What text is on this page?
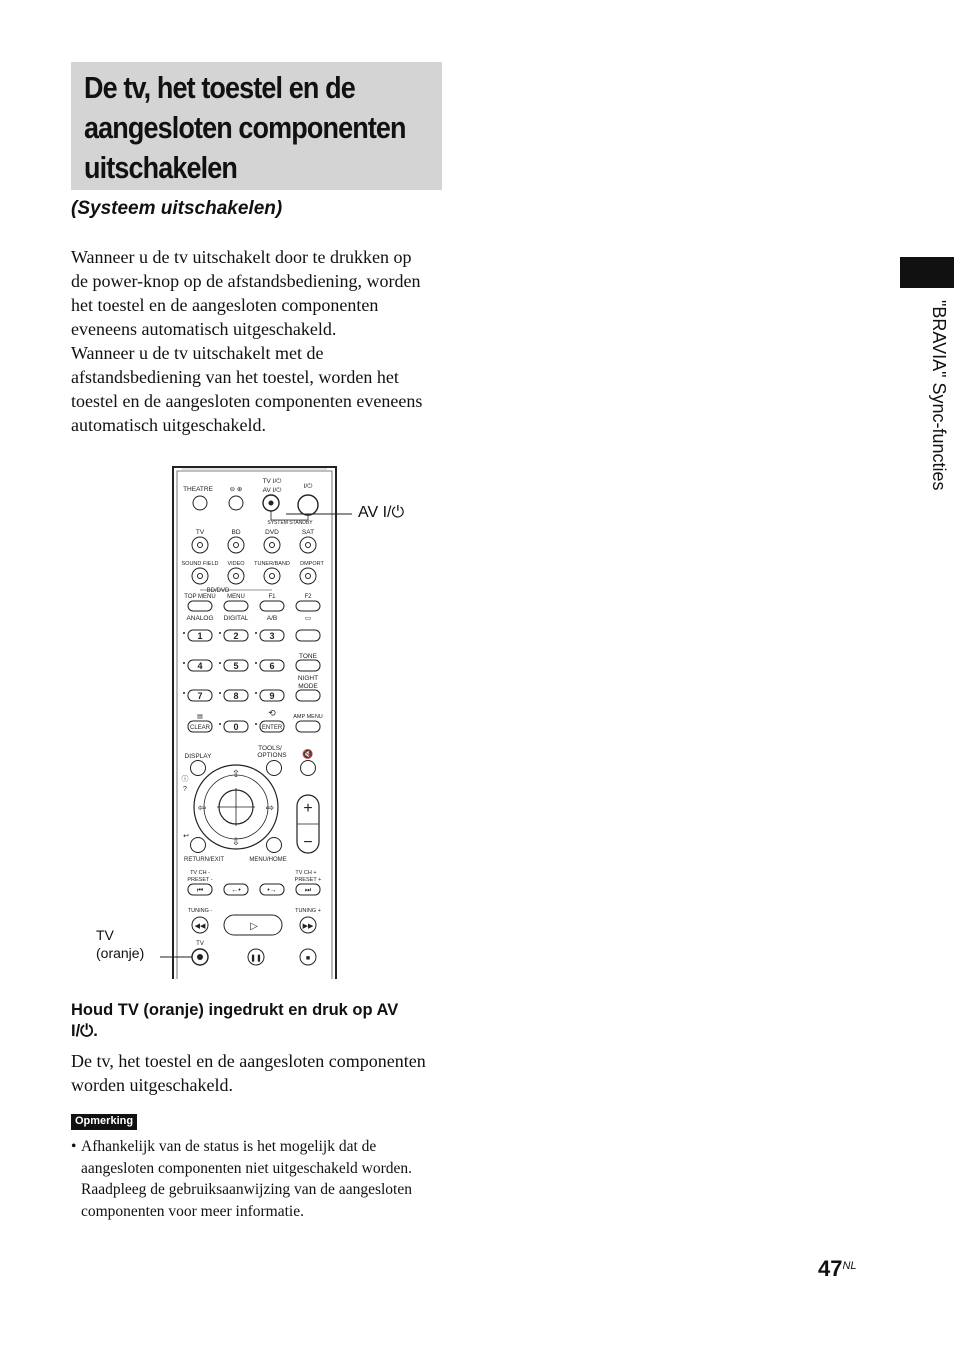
De tv, het toestel en de
aangesloten componenten
uitschakelen
(Systeem uitschakelen)
Wanneer u de tv uitschakelt door te drukken op
de power-knop op de afstandsbediening, worden
het toestel en de aangesloten componenten
eveneens automatisch uitgeschakeld.
Wanneer u de tv uitschakelt met de
afstandsbediening van het toestel, worden het
toestel en de aangesloten componenten eveneens
automatisch uitgeschakeld.
THEATRE	⊖ ⊕
TV I/⏻
AV I/⏻
I/⏻
SYSTEM STANDBY
TV	BD	DVD	SAT
SOUND FIELD VIDEO TUNER/BAND DMPORT
BD/DVD
TOP MENU MENU	F1	F2
ANALOG DIGITAL	A/B	▭
1	2	3
4	5	6
7	8	9
0
TONE
NIGHT
MODE
AMP MENU
CLEAR	ENTER
⟲
▤
DISPLAY
TOOLS/
OPTIONS 🔇
RETURN/EXIT	MENU/HOME
⇧
⇩
⇦	⇨ +
−
ⓘ
?
↩
TV CH -
PRESET -
TV CH +
PRESET +
TUNING -	TUNING +
⏮	←•	•→	⏭
◀◀	▶▶
▷
❚❚	■
TV
AV I/⏻
TV
(oranje)
Houd TV (oranje) ingedrukt en druk op AV
I/⏻.
De tv, het toestel en de aangesloten componenten
worden uitgeschakeld.
Opmerking
• Afhankelijk van de status is het mogelijk dat de
aangesloten componenten niet uitgeschakeld worden.
Raadpleeg de gebruiksaanwijzing van de aangesloten
componenten voor meer informatie.
"BRAVIA" Sync-functies
$47^{NL}$
